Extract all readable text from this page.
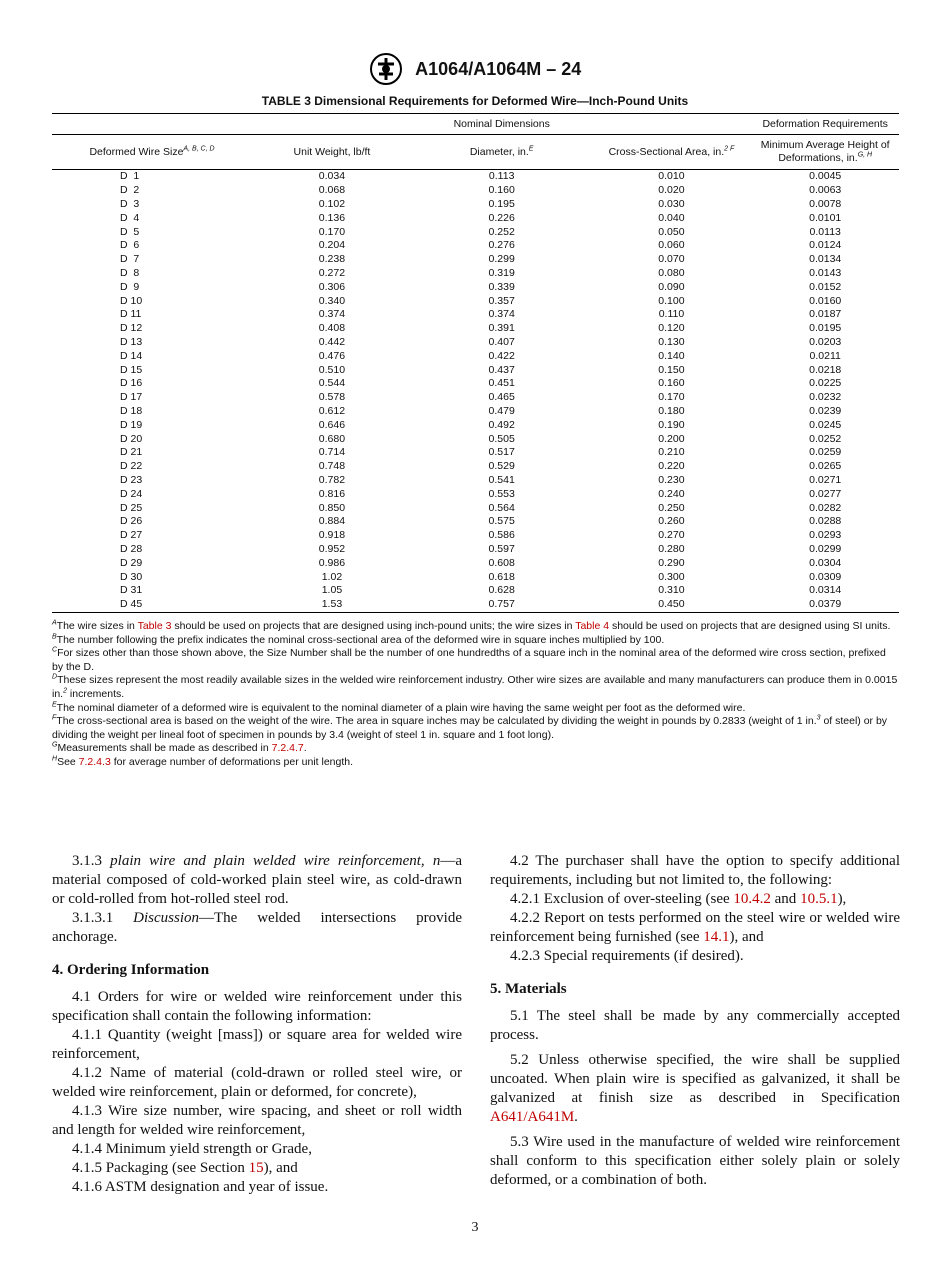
A1064/A1064M – 24
TABLE 3 Dimensional Requirements for Deformed Wire—Inch-Pound Units
	Nominal Dimensions			Deformation Requirements
Deformed Wire Size$^{A, B, C, D}$	Unit Weight, lb/ft	Diameter, in.$^E$	Cross-Sectional Area, in.$^{2 F}$	Minimum Average Height of Deformations, in.$^{G, H}$
D  1	0.034	0.113	0.010	0.0045
D  2	0.068	0.160	0.020	0.0063
D  3	0.102	0.195	0.030	0.0078
D  4	0.136	0.226	0.040	0.0101
D  5	0.170	0.252	0.050	0.0113
D  6	0.204	0.276	0.060	0.0124
D  7	0.238	0.299	0.070	0.0134
D  8	0.272	0.319	0.080	0.0143
D  9	0.306	0.339	0.090	0.0152
D 10	0.340	0.357	0.100	0.0160
D 11	0.374	0.374	0.110	0.0187
D 12	0.408	0.391	0.120	0.0195
D 13	0.442	0.407	0.130	0.0203
D 14	0.476	0.422	0.140	0.0211
D 15	0.510	0.437	0.150	0.0218
D 16	0.544	0.451	0.160	0.0225
D 17	0.578	0.465	0.170	0.0232
D 18	0.612	0.479	0.180	0.0239
D 19	0.646	0.492	0.190	0.0245
D 20	0.680	0.505	0.200	0.0252
D 21	0.714	0.517	0.210	0.0259
D 22	0.748	0.529	0.220	0.0265
D 23	0.782	0.541	0.230	0.0271
D 24	0.816	0.553	0.240	0.0277
D 25	0.850	0.564	0.250	0.0282
D 26	0.884	0.575	0.260	0.0288
D 27	0.918	0.586	0.270	0.0293
D 28	0.952	0.597	0.280	0.0299
D 29	0.986	0.608	0.290	0.0304
D 30	1.02	0.618	0.300	0.0309
D 31	1.05	0.628	0.310	0.0314
D 45	1.53	0.757	0.450	0.0379

$^A$The wire sizes in Table 3 should be used on projects that are designed using inch-pound units; the wire sizes in Table 4 should be used on projects that are designed using SI units.

$^B$The number following the prefix indicates the nominal cross-sectional area of the deformed wire in square inches multiplied by 100.

$^C$For sizes other than those shown above, the Size Number shall be the number of one hundredths of a square inch in the nominal area of the deformed wire cross section, prefixed by the D.

$^D$These sizes represent the most readily available sizes in the welded wire reinforcement industry. Other wire sizes are available and many manufacturers can produce them in 0.0015 in.$^2$ increments.

$^E$The nominal diameter of a deformed wire is equivalent to the nominal diameter of a plain wire having the same weight per foot as the deformed wire.

$^F$The cross-sectional area is based on the weight of the wire. The area in square inches may be calculated by dividing the weight in pounds by 0.2833 (weight of 1 in.$^3$ of steel) or by dividing the weight per lineal foot of specimen in pounds by 3.4 (weight of steel 1 in. square and 1 foot long).

$^G$Measurements shall be made as described in 7.2.4.7.

$^H$See 7.2.4.3 for average number of deformations per unit length.

3.1.3 plain wire and plain welded wire reinforcement, n—a material composed of cold-worked plain steel wire, as cold-drawn or cold-rolled from hot-rolled steel rod.

3.1.3.1 Discussion—The welded intersections provide anchorage.

4. Ordering Information

4.1 Orders for wire or welded wire reinforcement under this specification shall contain the following information:

4.1.1 Quantity (weight [mass]) or square area for welded wire reinforcement,

4.1.2 Name of material (cold-drawn or rolled steel wire, or welded wire reinforcement, plain or deformed, for concrete),

4.1.3 Wire size number, wire spacing, and sheet or roll width and length for welded wire reinforcement,

4.1.4 Minimum yield strength or Grade,

4.1.5 Packaging (see Section 15), and

4.1.6 ASTM designation and year of issue.

4.2 The purchaser shall have the option to specify additional requirements, including but not limited to, the following:

4.2.1 Exclusion of over-steeling (see 10.4.2 and 10.5.1),

4.2.2 Report on tests performed on the steel wire or welded wire reinforcement being furnished (see 14.1), and

4.2.3 Special requirements (if desired).

5. Materials

5.1 The steel shall be made by any commercially accepted process.

5.2 Unless otherwise specified, the wire shall be supplied uncoated. When plain wire is specified as galvanized, it shall be galvanized at finish size as described in Specification A641/A641M.

5.3 Wire used in the manufacture of welded wire reinforcement shall conform to this specification either solely plain or solely deformed, or a combination of both.

3
